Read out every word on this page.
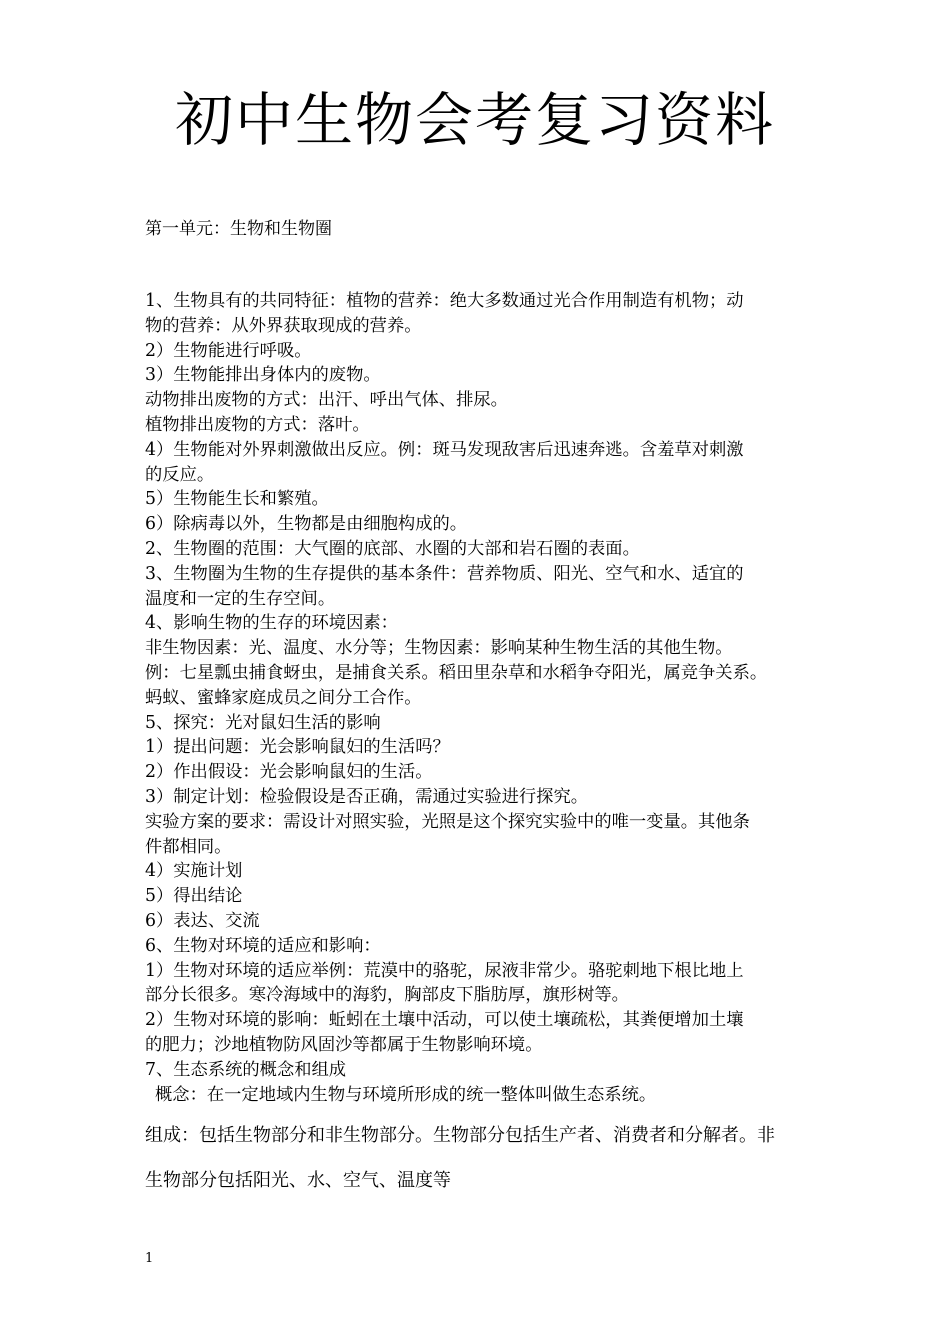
初中生物会考复习资料
第一单元：生物和生物圈
1、生物具有的共同特征：植物的营养：绝大多数通过光合作用制造有机物；动
物的营养：从外界获取现成的营养。
2）生物能进行呼吸。
3）生物能排出身体内的废物。
动物排出废物的方式：出汗、呼出气体、排尿。
植物排出废物的方式：落叶。
4）生物能对外界刺激做出反应。例：斑马发现敌害后迅速奔逃。含羞草对刺激
的反应。
5）生物能生长和繁殖。
6）除病毒以外，生物都是由细胞构成的。
2、生物圈的范围：大气圈的底部、水圈的大部和岩石圈的表面。
3、生物圈为生物的生存提供的基本条件：营养物质、阳光、空气和水、适宜的
温度和一定的生存空间。
4、影响生物的生存的环境因素：
非生物因素：光、温度、水分等；生物因素：影响某种生物生活的其他生物。
例：七星瓢虫捕食蚜虫，是捕食关系。稻田里杂草和水稻争夺阳光，属竞争关系。
蚂蚁、蜜蜂家庭成员之间分工合作。
5、探究：光对鼠妇生活的影响
1）提出问题：光会影响鼠妇的生活吗？
2）作出假设：光会影响鼠妇的生活。
3）制定计划：检验假设是否正确，需通过实验进行探究。
实验方案的要求：需设计对照实验，光照是这个探究实验中的唯一变量。其他条
件都相同。
4）实施计划
5）得出结论
6）表达、交流
6、生物对环境的适应和影响：
1）生物对环境的适应举例：荒漠中的骆驼，尿液非常少。骆驼刺地下根比地上
部分长很多。寒冷海域中的海豹，胸部皮下脂肪厚，旗形树等。
2）生物对环境的影响：蚯蚓在土壤中活动，可以使土壤疏松，其粪便增加土壤
的肥力；沙地植物防风固沙等都属于生物影响环境。
7、生态系统的概念和组成
概念：在一定地域内生物与环境所形成的统一整体叫做生态系统。
组成：包括生物部分和非生物部分。生物部分包括生产者、消费者和分解者。非
生物部分包括阳光、水、空气、温度等
1
